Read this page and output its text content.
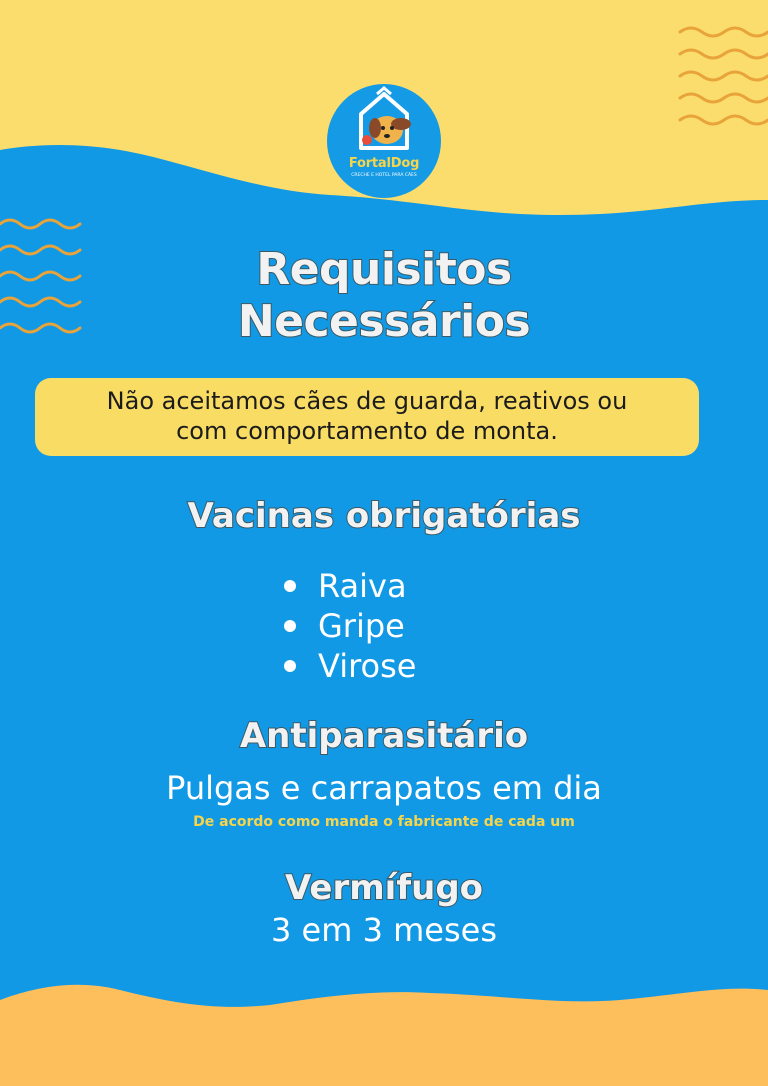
FortalDog
CRECHE E HOTEL PARA CÃES
Requisitos
Necessários
Não aceitamos cães de guarda, reativos ou
com comportamento de monta.
Vacinas obrigatórias
Raiva
Gripe
Virose
Antiparasitário
Pulgas e carrapatos em dia
De acordo como manda o fabricante de cada um
Vermífugo
3 em 3 meses
